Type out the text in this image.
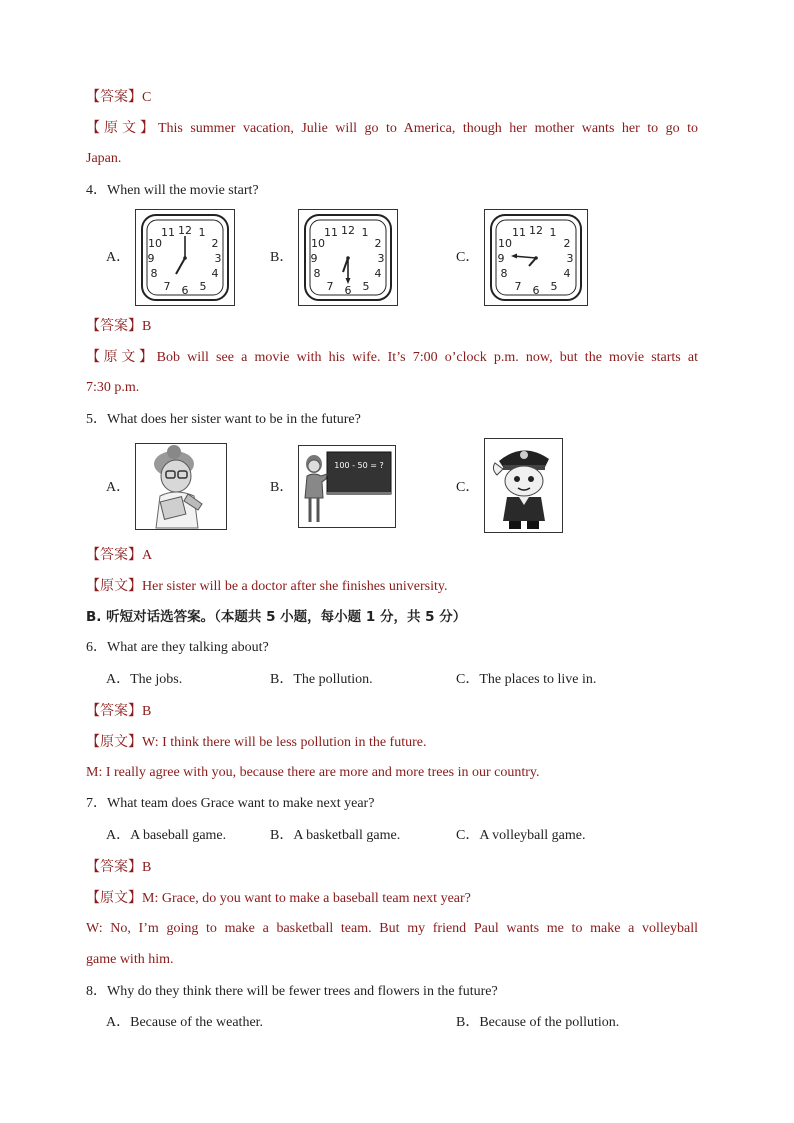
【答案】C
【原文】This summer vacation, Julie will go to America, though her mother wants her to go to
Japan.
4．When will the movie start?
A．
12 1
2
3
4
5
6
7
8
9
10
11
B．
12 1
2
3
4
5
6
7
8
9
10
11
C．
12 1
2
3
4
5
6
7
8
9
10
11
【答案】B
【原文】Bob will see a movie with his wife. It’s 7:00 o’clock p.m. now, but the movie starts at
7:30 p.m.
5．What does her sister want to be in the future?
A．	B．
100 - 50 = ?
C．
【答案】A
【原文】Her sister will be a doctor after she finishes university.
B. 听短对话选答案。（本题共 5 小题，每小题 1 分，共 5 分）
6．What are they talking about?
A．The jobs.	B．The pollution.	C．The places to live in.
【答案】B
【原文】W: I think there will be less pollution in the future.
M: I really agree with you, because there are more and more trees in our country.
7．What team does Grace want to make next year?
A．A baseball game.	B．A basketball game.	C．A volleyball game.
【答案】B
【原文】M: Grace, do you want to make a baseball team next year?
W: No, I’m going to make a basketball team. But my friend Paul wants me to make a volleyball
game with him.
8．Why do they think there will be fewer trees and flowers in the future?
A．Because of the weather.	B．Because of the pollution.
